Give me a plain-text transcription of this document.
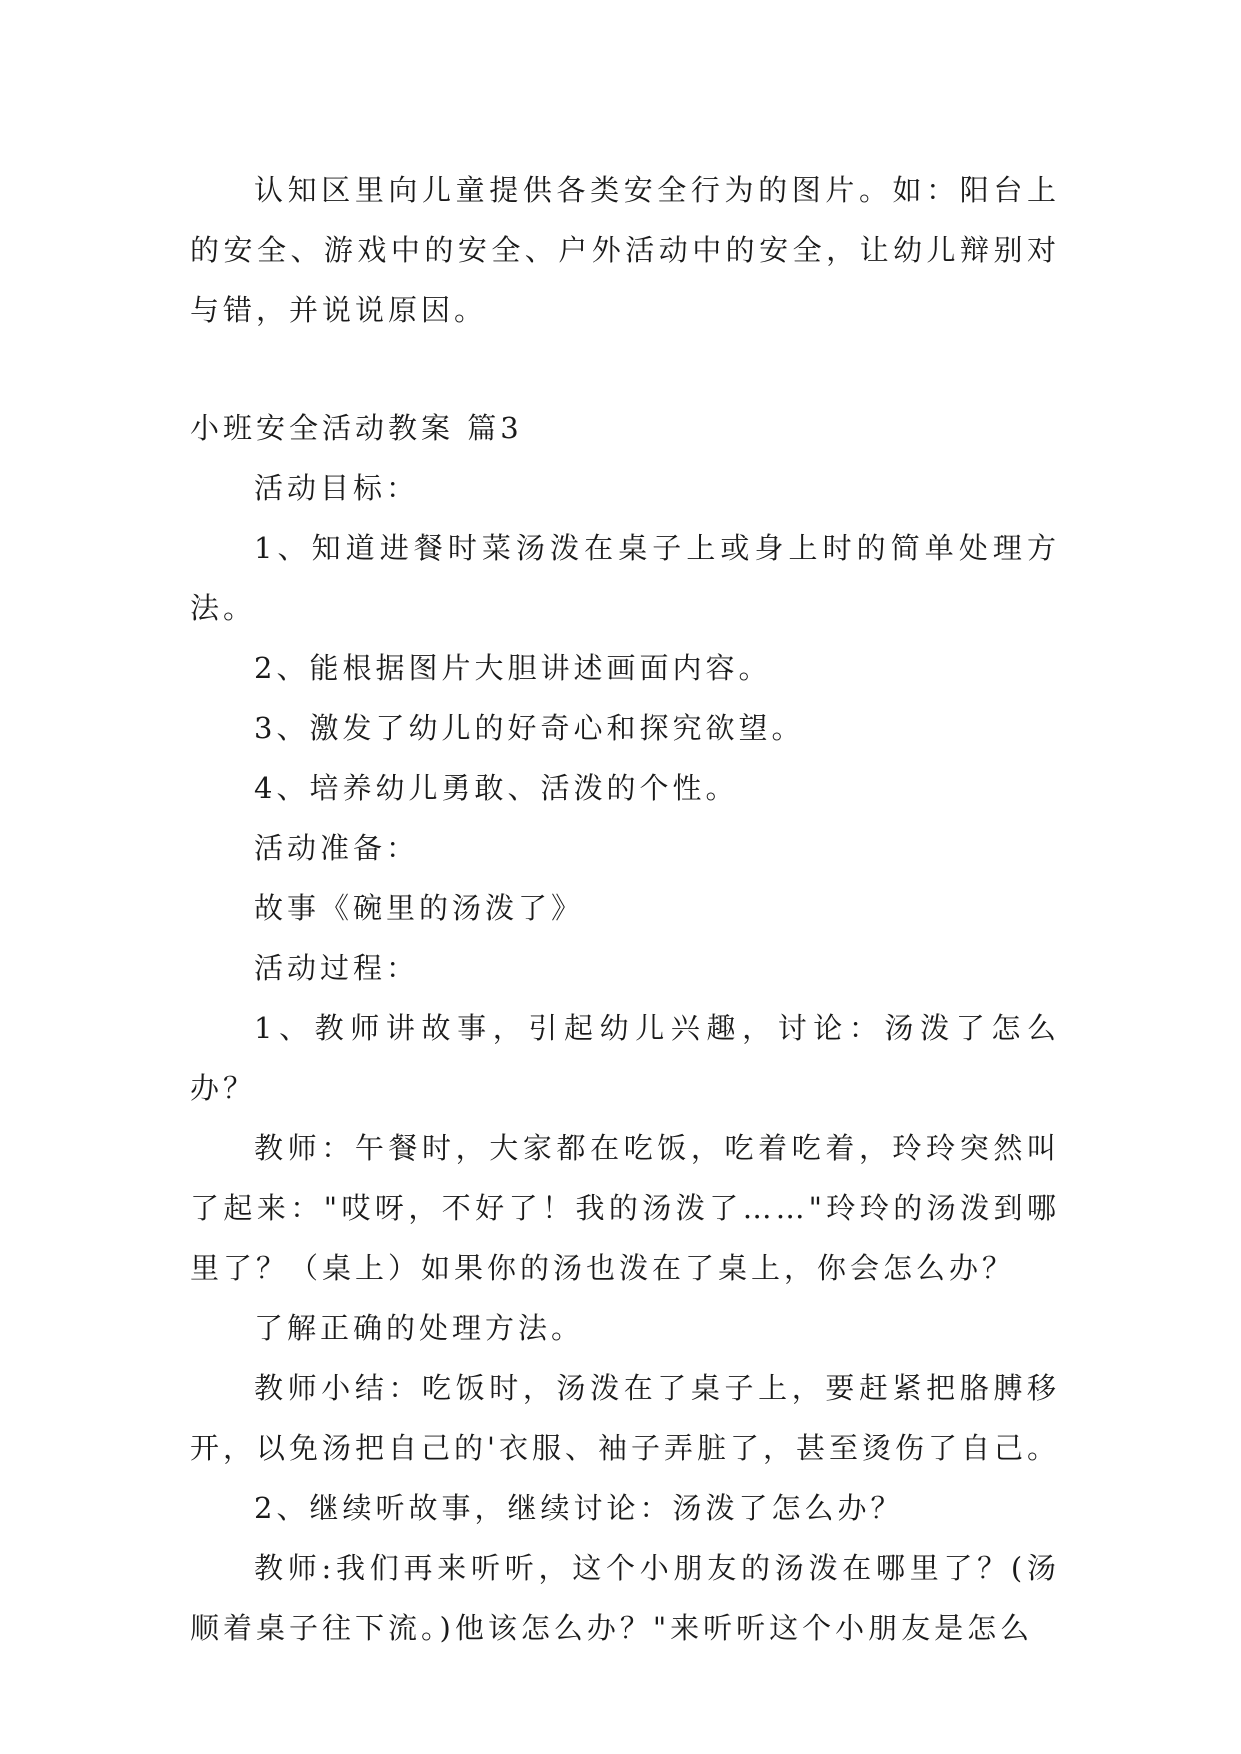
认知区里向儿童提供各类安全行为的图片。如：阳台上的安全、游戏中的安全、户外活动中的安全，让幼儿辩别对与错，并说说原因。

小班安全活动教案 篇3

活动目标：

1、知道进餐时菜汤泼在桌子上或身上时的简单处理方法。

2、能根据图片大胆讲述画面内容。

3、激发了幼儿的好奇心和探究欲望。

4、培养幼儿勇敢、活泼的个性。

活动准备：

故事《碗里的汤泼了》

活动过程：

1、教师讲故事，引起幼儿兴趣，讨论：汤泼了怎么办？

教师：午餐时，大家都在吃饭，吃着吃着，玲玲突然叫了起来："哎呀，不好了！我的汤泼了……"玲玲的汤泼到哪里了？（桌上）如果你的汤也泼在了桌上，你会怎么办？

了解正确的处理方法。

教师小结：吃饭时，汤泼在了桌子上，要赶紧把胳膊移开，以免汤把自己的'衣服、袖子弄脏了，甚至烫伤了自己。

2、继续听故事，继续讨论：汤泼了怎么办？

教师:我们再来听听，这个小朋友的汤泼在哪里了？(汤顺着桌子往下流。)他该怎么办？"来听听这个小朋友是怎么
